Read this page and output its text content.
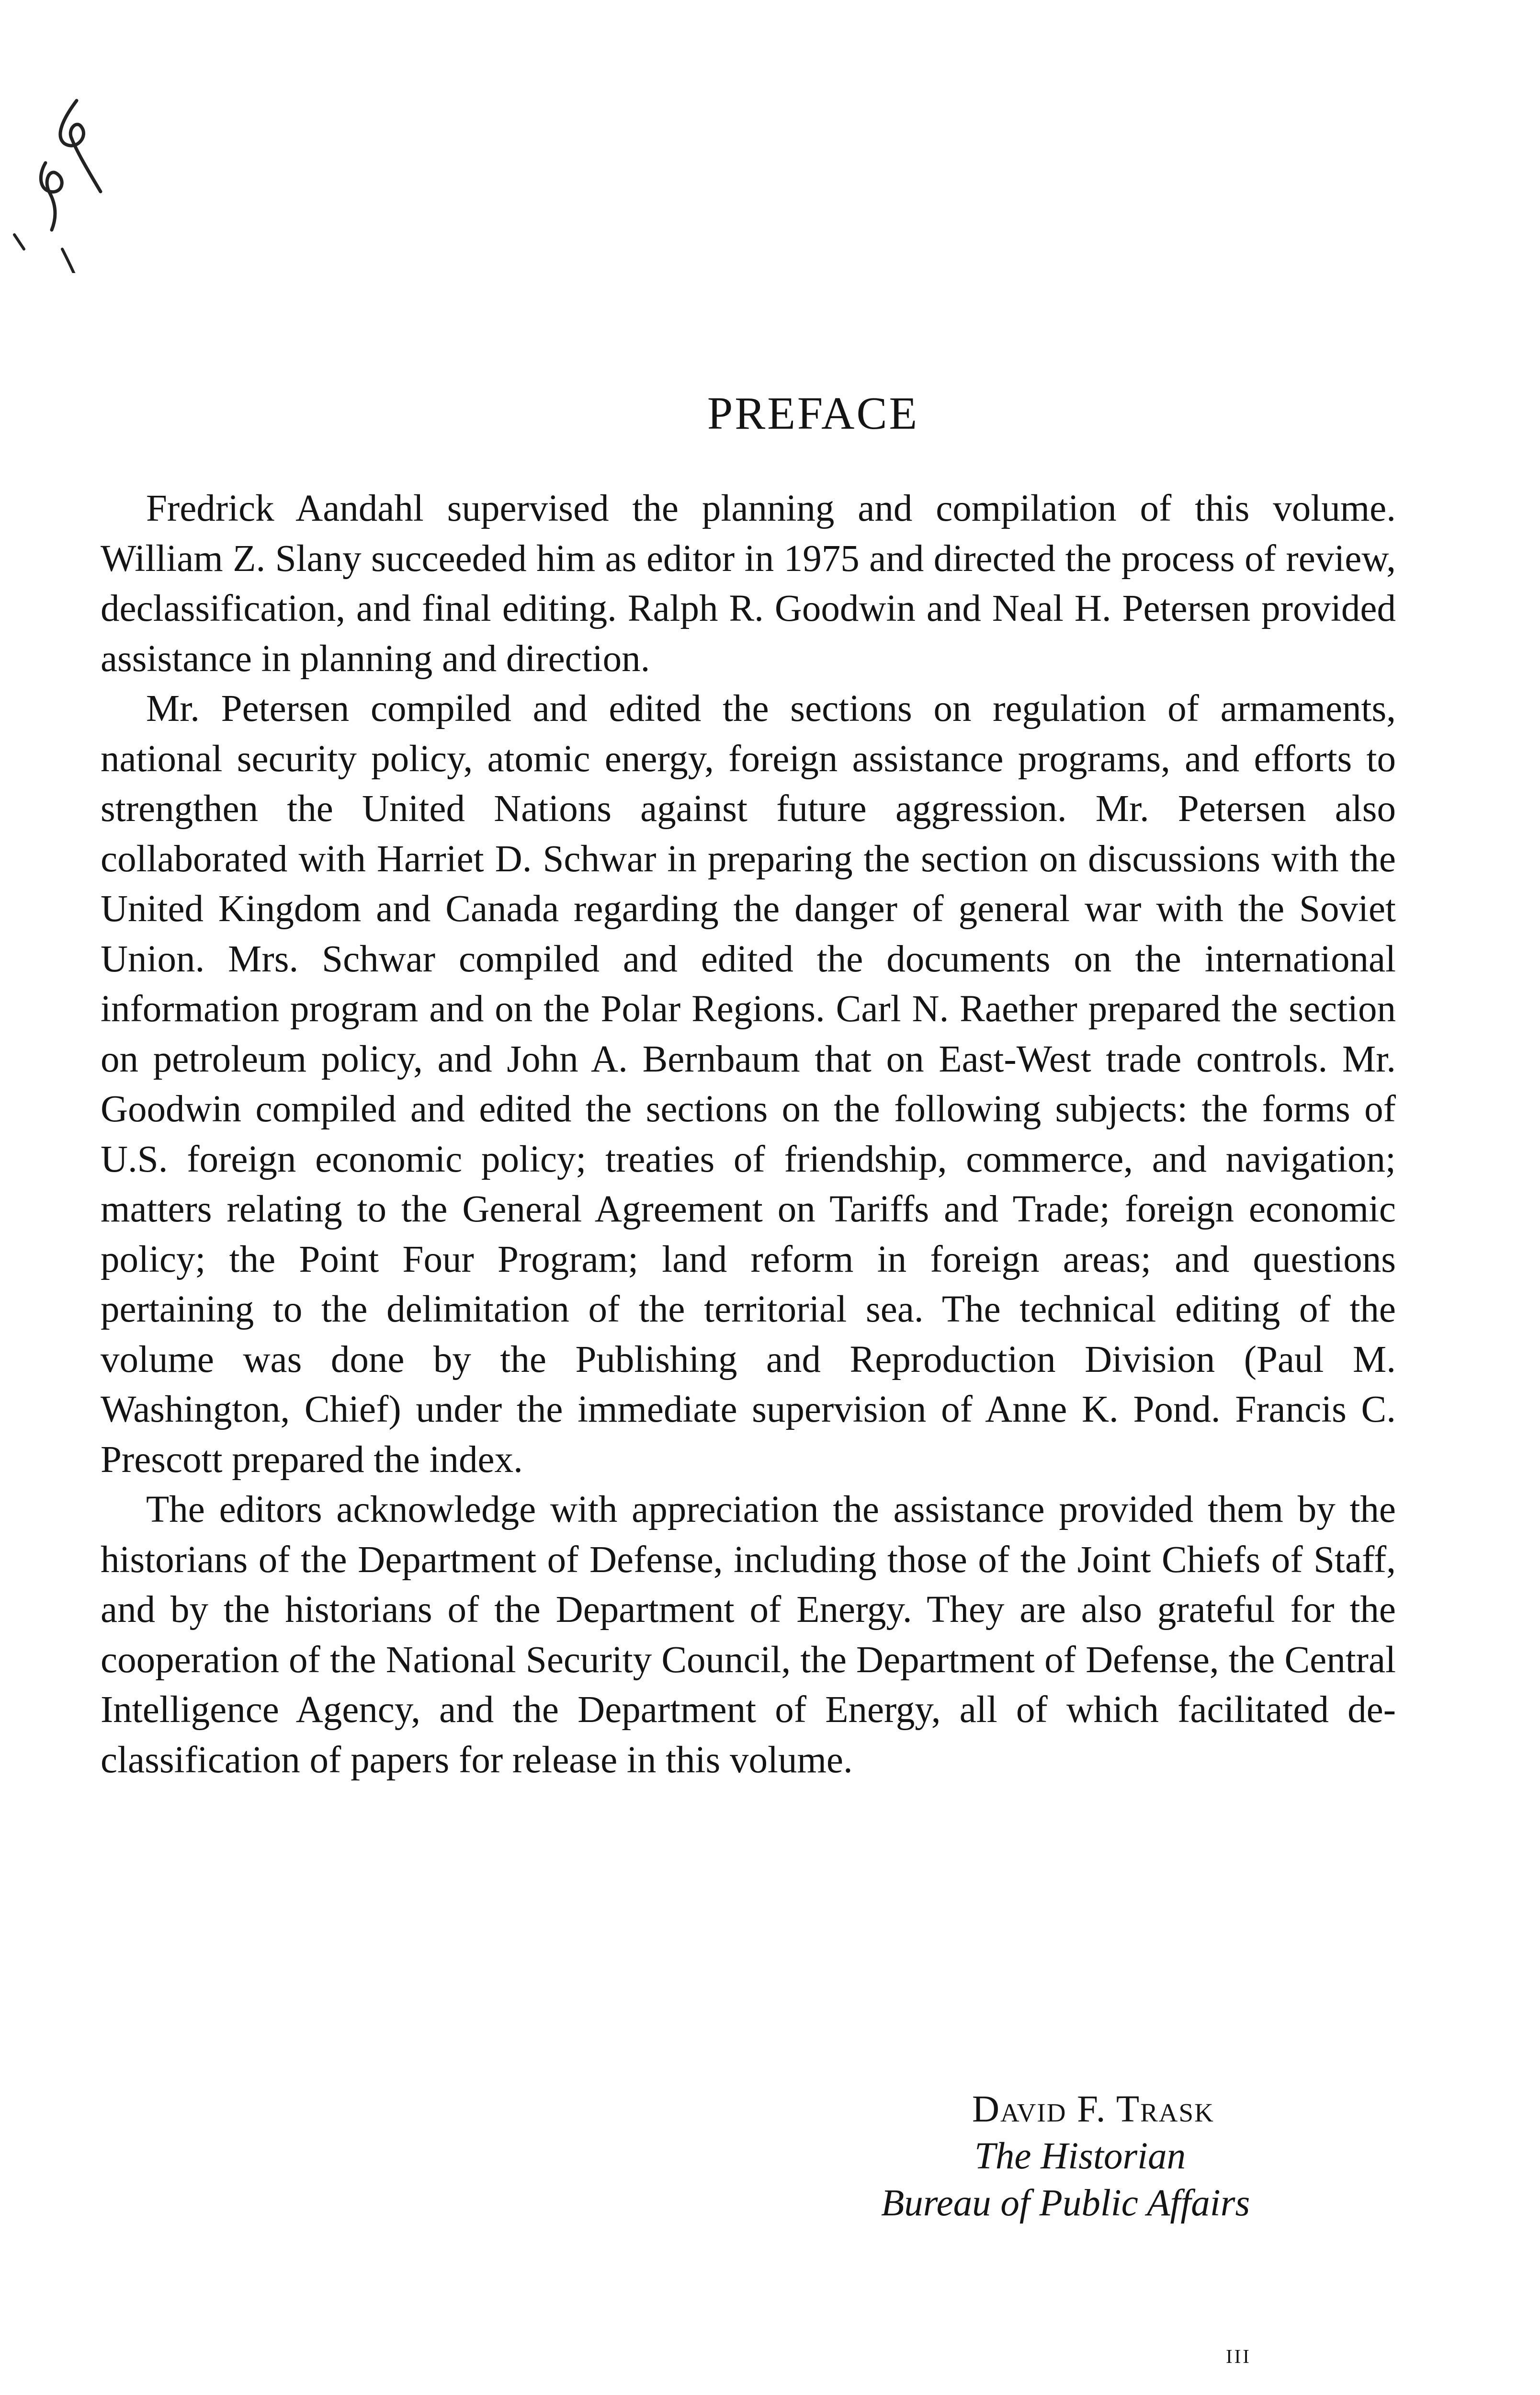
PREFACE

Fredrick Aandahl supervised the planning and compilation of this volume. William Z. Slany succeeded him as editor in 1975 and directed the process of review, declassification, and final editing. Ralph R. Goodwin and Neal H. Petersen provided assistance in planning and direction.

Mr. Petersen compiled and edited the sections on regulation of armaments, national security policy, atomic energy, foreign assistance programs, and efforts to strengthen the United Nations against future aggression. Mr. Petersen also collaborated with Harriet D. Schwar in preparing the section on discussions with the United Kingdom and Canada regarding the danger of general war with the Soviet Union. Mrs. Schwar compiled and edited the documents on the international information program and on the Polar Regions. Carl N. Raether prepared the section on petroleum policy, and John A. Bernbaum that on East-West trade controls. Mr. Goodwin compiled and edited the sections on the following subjects: the forms of U.S. foreign economic policy; treaties of friendship, commerce, and navigation; matters relating to the General Agreement on Tariffs and Trade; foreign economic policy; the Point Four Program; land reform in foreign areas; and questions pertaining to the delimitation of the territorial sea. The technical editing of the volume was done by the Publishing and Reproduction Division (Paul M. Washington, Chief) under the immediate supervision of Anne K. Pond. Francis C. Prescott prepared the index.

The editors acknowledge with appreciation the assistance provided them by the historians of the Department of Defense, including those of the Joint Chiefs of Staff, and by the historians of the Department of Energy. They are also grateful for the cooperation of the National Security Council, the Department of Defense, the Central Intelligence Agency, and the Department of Energy, all of which facilitated declassification of papers for release in this volume.

David F. Trask
The Historian
Bureau of Public Affairs
iii
